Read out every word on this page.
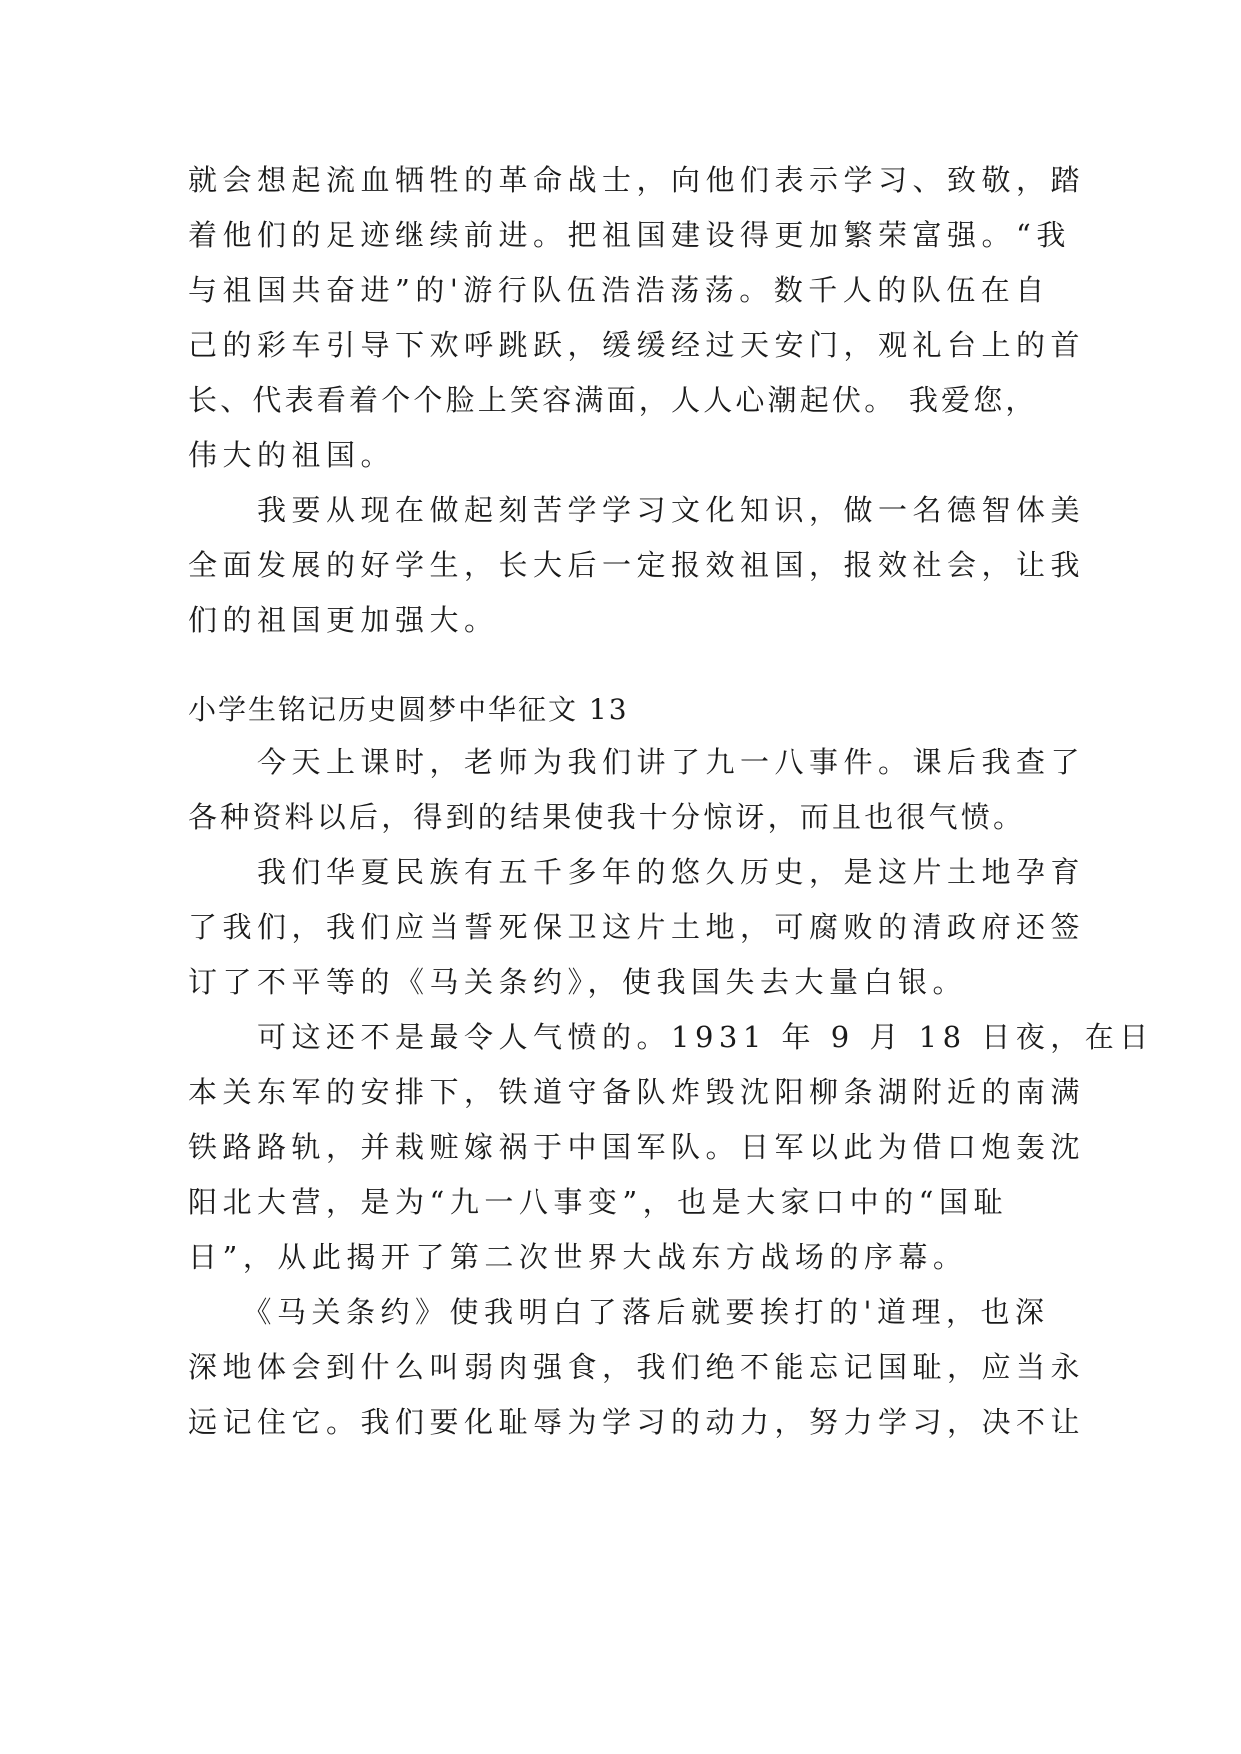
就会想起流血牺牲的革命战士，向他们表示学习、致敬，踏
着他们的足迹继续前进。把祖国建设得更加繁荣富强。“我
与祖国共奋进”的'游行队伍浩浩荡荡。数千人的队伍在自
己的彩车引导下欢呼跳跃，缓缓经过天安门，观礼台上的首
长、代表看着个个脸上笑容满面，人人心潮起伏。 我爱您，
伟大的祖国。
　　我要从现在做起刻苦学学习文化知识，做一名德智体美
全面发展的好学生，长大后一定报效祖国，报效社会，让我
们的祖国更加强大。
小学生铭记历史圆梦中华征文 13
　　今天上课时，老师为我们讲了九一八事件。课后我查了
各种资料以后，得到的结果使我十分惊讶，而且也很气愤。
　　我们华夏民族有五千多年的悠久历史，是这片土地孕育
了我们，我们应当誓死保卫这片土地，可腐败的清政府还签
订了不平等的《马关条约》，使我国失去大量白银。
　　可这还不是最令人气愤的。1931 年 9 月 18 日夜，在日
本关东军的安排下，铁道守备队炸毁沈阳柳条湖附近的南满
铁路路轨，并栽赃嫁祸于中国军队。日军以此为借口炮轰沈
阳北大营，是为“九一八事变”，也是大家口中的“国耻
日”，从此揭开了第二次世界大战东方战场的序幕。
　　《马关条约》使我明白了落后就要挨打的'道理，也深
深地体会到什么叫弱肉强食，我们绝不能忘记国耻，应当永
远记住它。我们要化耻辱为学习的动力，努力学习，决不让
